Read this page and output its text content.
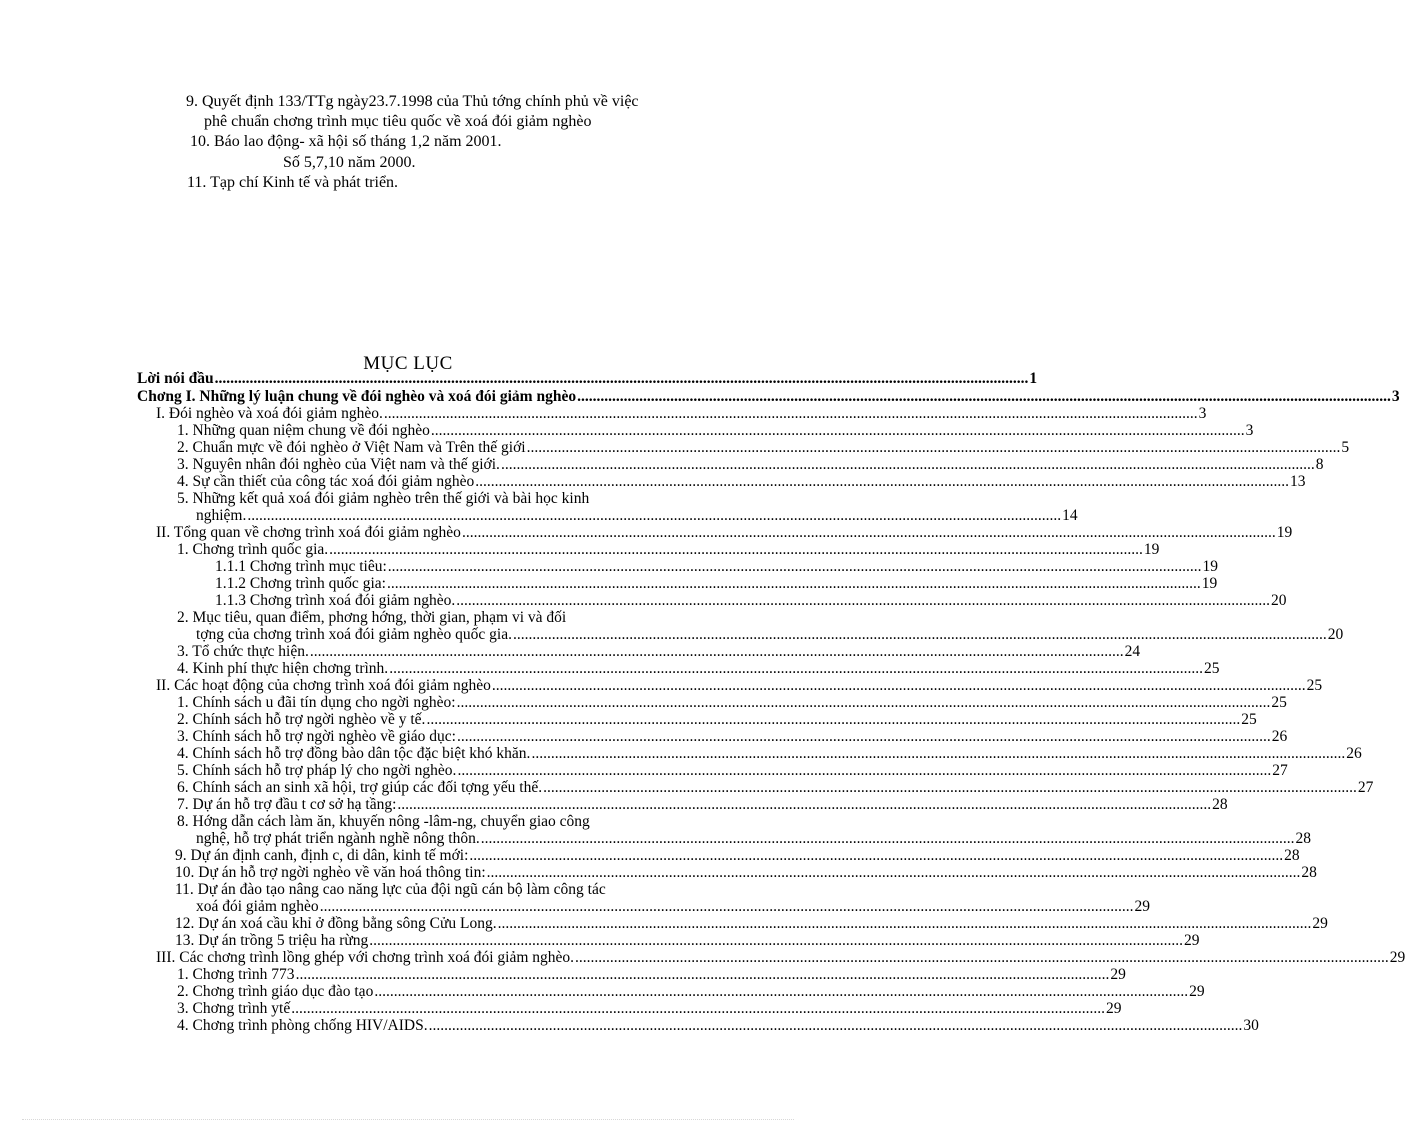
9. Quyết định 133/TTg ngày23.7.1998 của Thủ tớng chính phủ về việc
phê chuẩn chơng trình mục tiêu quốc về xoá đói giảm nghèo
10. Báo lao động- xã hội số tháng 1,2 năm 2001.
Số 5,7,10 năm 2000.
11. Tạp chí Kinh tế và phát triển.
MỤC LỤC
Lời nói đầu .................................................................................................................................................................................................................. 1
Chơng I. Những lý luận chung về đói nghèo và xoá đói giảm nghèo .................................................................................................................................................................................................................. 3
I. Đói nghèo và xoá đói giảm nghèo. .................................................................................................................................................................................................................. 3
1. Những quan niệm chung về đói nghèo .................................................................................................................................................................................................................. 3
2. Chuẩn mực về đói nghèo ở Việt Nam và Trên thế giới .................................................................................................................................................................................................................. 5
3. Nguyên nhân đói nghèo của Việt nam và thế giới. .................................................................................................................................................................................................................. 8
4. Sự cần thiết của công tác xoá đói giảm nghèo .................................................................................................................................................................................................................. 13
5. Những kết quả xoá đói giảm nghèo trên thế giới và bài học kinh
nghiệm. .................................................................................................................................................................................................................. 14
II. Tổng quan về chơng trình xoá đói giảm nghèo .................................................................................................................................................................................................................. 19
1. Chơng trình quốc gia. .................................................................................................................................................................................................................. 19
1.1.1 Chơng trình mục tiêu: .................................................................................................................................................................................................................. 19
1.1.2 Chơng trình quốc gia: .................................................................................................................................................................................................................. 19
1.1.3 Chơng trình xoá đói giảm nghèo. .................................................................................................................................................................................................................. 20
2. Mục tiêu, quan điểm, phơng hớng, thời gian, phạm vi và đối
tợng của chơng trình xoá đói giảm nghèo quốc gia. .................................................................................................................................................................................................................. 20
3. Tổ chức thực hiện. .................................................................................................................................................................................................................. 24
4. Kinh phí thực hiện chơng trình. .................................................................................................................................................................................................................. 25
II. Các hoạt động của chơng trình xoá đói giảm nghèo .................................................................................................................................................................................................................. 25
1. Chính sách u đãi tín dụng cho ngời nghèo: .................................................................................................................................................................................................................. 25
2. Chính sách hỗ trợ ngời nghèo về y tế. .................................................................................................................................................................................................................. 25
3. Chính sách hỗ trợ ngời nghèo về giáo dục: .................................................................................................................................................................................................................. 26
4. Chính sách hỗ trợ đồng bào dân tộc đặc biệt khó khăn. .................................................................................................................................................................................................................. 26
5. Chính sách hỗ trợ pháp lý cho ngời nghèo. .................................................................................................................................................................................................................. 27
6. Chính sách an sinh xã hội, trợ giúp các đối tợng yếu thế. .................................................................................................................................................................................................................. 27
7. Dự án hỗ trợ đầu t cơ sở hạ tầng: .................................................................................................................................................................................................................. 28
8. Hớng dẫn cách làm ăn, khuyến nông -lâm-ng, chuyển giao công
nghệ, hỗ trợ phát triển ngành nghề nông thôn. .................................................................................................................................................................................................................. 28
9. Dự án định canh, định c, di dân, kinh tế mới: .................................................................................................................................................................................................................. 28
10. Dự án hỗ trợ ngời nghèo về văn hoá thông tin: .................................................................................................................................................................................................................. 28
11. Dự án đào tạo nâng cao năng lực của đội ngũ cán bộ làm công tác
xoá đói giảm nghèo .................................................................................................................................................................................................................. 29
12. Dự án xoá cầu khỉ ở đồng bằng sông Cửu Long. .................................................................................................................................................................................................................. 29
13. Dự án trồng 5 triệu ha rừng .................................................................................................................................................................................................................. 29
III. Các chơng trình lồng ghép với chơng trình xoá đói giảm nghèo. .................................................................................................................................................................................................................. 29
1. Chơng trình 773 .................................................................................................................................................................................................................. 29
2. Chơng trình giáo dục đào tạo .................................................................................................................................................................................................................. 29
3. Chơng trình ytế .................................................................................................................................................................................................................. 29
4. Chơng trình phòng chống HIV/AIDS. .................................................................................................................................................................................................................. 30
